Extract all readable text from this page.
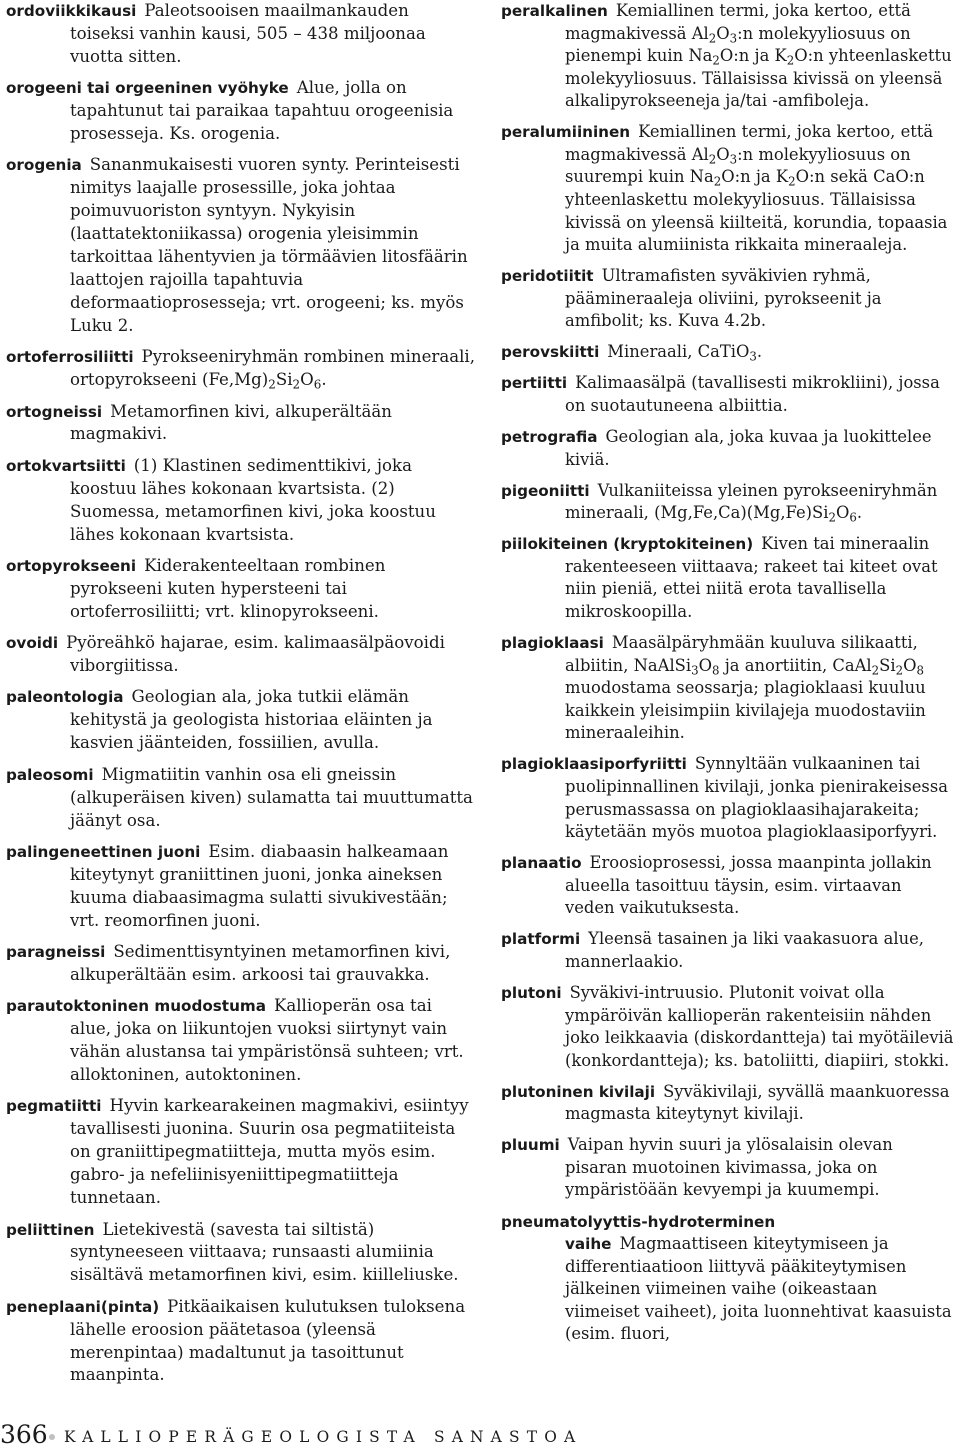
ordoviikkikausi Paleotsooisen maailmankauden toiseksi vanhin kausi, 505 – 438 miljoonaa vuotta sitten.

orogeeni tai orgeeninen vyöhyke Alue, jolla on tapahtunut tai paraikaa tapahtuu orogeenisia prosesseja. Ks. orogenia.

orogenia Sananmukaisesti vuoren synty. Perinteisesti nimitys laajalle prosessille, joka johtaa poimuvuoriston syntyyn. Nykyisin (laattatektoniikassa) orogenia yleisimmin tarkoittaa lähentyvien ja törmäävien litosfäärin laattojen rajoilla tapahtuvia deformaatioprosesseja; vrt. orogeeni; ks. myös Luku 2.

ortoferrosiliitti Pyrokseeniryhmän rombinen mineraali, ortopyrokseeni $(Fe,Mg)_2Si_2O_6$.

ortogneissi Metamorfinen kivi, alkuperältään magmakivi.

ortokvartsiitti (1) Klastinen sedimenttikivi, joka koostuu lähes kokonaan kvartsista. (2) Suomessa, metamorfinen kivi, joka koostuu lähes kokonaan kvartsista.

ortopyrokseeni Kiderakenteeltaan rombinen pyrokseeni kuten hypersteeni tai ortoferrosiliitti; vrt. klinopyrokseeni.

ovoidi Pyöreähkö hajarae, esim. kalimaasälpäovoidi viborgiitissa.

paleontologia Geologian ala, joka tutkii elämän kehitystä ja geologista historiaa eläinten ja kasvien jäänteiden, fossiilien, avulla.

paleosomi Migmatiitin vanhin osa eli gneissin (alkuperäisen kiven) sulamatta tai muuttumatta jäänyt osa.

palingeneettinen juoni Esim. diabaasin halkeamaan kiteytynyt graniittinen juoni, jonka aineksen kuuma diabaasimagma sulatti sivukivestään; vrt. reomorfinen juoni.

paragneissi Sedimenttisyntyinen metamorfinen kivi, alkuperältään esim. arkoosi tai grauvakka.

parautoktoninen muodostuma Kallioperän osa tai alue, joka on liikuntojen vuoksi siirtynyt vain vähän alustansa tai ympäristönsä suhteen; vrt. alloktoninen, autoktoninen.

pegmatiitti Hyvin karkearakeinen magmakivi, esiintyy tavallisesti juonina. Suurin osa pegmatiiteista on graniittipegmatiitteja, mutta myös esim. gabro- ja nefeliinisyeniittipegmatiitteja tunnetaan.

peliittinen Lietekivestä (savesta tai siltistä) syntyneeseen viittaava; runsaasti alumiinia sisältävä metamorfinen kivi, esim. kiilleliuske.

peneplaani(pinta) Pitkäaikaisen kulutuksen tuloksena lähelle eroosion päätetasoa (yleensä merenpintaa) madaltunut ja tasoittunut maanpinta.

peralkalinen Kemiallinen termi, joka kertoo, että magmakivessä $Al_2O_3:n$ molekyyliosuus on pienempi kuin $Na_2O:n$ ja $K_2O:n$ yhteenlaskettu molekyyliosuus. Tällaisissa kivissä on yleensä alkalipyrokseeneja ja/tai -amfiboleja.

peralumiininen Kemiallinen termi, joka kertoo, että magmakivessä $Al_2O_3:n$ molekyyliosuus on suurempi kuin $Na_2O:n$ ja $K_2O:n$ sekä CaO:n yhteenlaskettu molekyyliosuus. Tällaisissa kivissä on yleensä kiilteitä, korundia, topaasia ja muita alumiinista rikkaita mineraaleja.

peridotiitit Ultramafisten syväkivien ryhmä, päämineraaleja oliviini, pyrokseenit ja amfibolit; ks. Kuva 4.2b.

perovskiitti Mineraali, CaTiO$_3$.

pertiitti Kalimaasälpä (tavallisesti mikrokliini), jossa on suotautuneena albiittia.

petrografia Geologian ala, joka kuvaa ja luokittelee kiviä.

pigeoniitti Vulkaniiteissa yleinen pyrokseeniryhmän mineraali, $(Mg,Fe,Ca)(Mg,Fe)Si_2O_6$.

piilokiteinen (kryptokiteinen) Kiven tai mineraalin rakenteeseen viittaava; rakeet tai kiteet ovat niin pieniä, ettei niitä erota tavallisella mikroskoopilla.

plagioklaasi Maasälpäryhmään kuuluva silikaatti, albiitin, $NaAlSi_3O_8$ ja anortiitin, $CaAl_2Si_2O_8$ muodostama seossarja; plagioklaasi kuuluu kaikkein yleisimpiin kivilajeja muodostaviin mineraaleihin.

plagioklaasiporfyriitti Synnyltään vulkaaninen tai puolipinnallinen kivilaji, jonka pienirakeisessa perusmassassa on plagioklaasihajarakeita; käytetään myös muotoa plagioklaasiporfyyri.

planaatio Eroosioprosessi, jossa maanpinta jollakin alueella tasoittuu täysin, esim. virtaavan veden vaikutuksesta.

platformi Yleensä tasainen ja liki vaakasuora alue, mannerlaakio.

plutoni Syväkivi-intruusio. Plutonit voivat olla ympäröivän kallioperän rakenteisiin nähden joko leikkaavia (diskordantteja) tai myötäileviä (konkordantteja); ks. batoliitti, diapiiri, stokki.

plutoninen kivilaji Syväkivilaji, syvällä maankuoressa magmasta kiteytynyt kivilaji.

pluumi Vaipan hyvin suuri ja ylösalaisin olevan pisaran muotoinen kivimassa, joka on ympäristöään kevyempi ja kuumempi.

pneumatolyyttis-hydroterminen vaihe Magmaattiseen kiteytymiseen ja differentiaatioon liittyvä pääkiteytymisen jälkeinen viimeinen vaihe (oikeastaan viimeiset vaiheet), joita luonnehtivat kaasuista (esim. fluori,

366 KALLIOPERÄGEOLOGISTA SANASTOA
